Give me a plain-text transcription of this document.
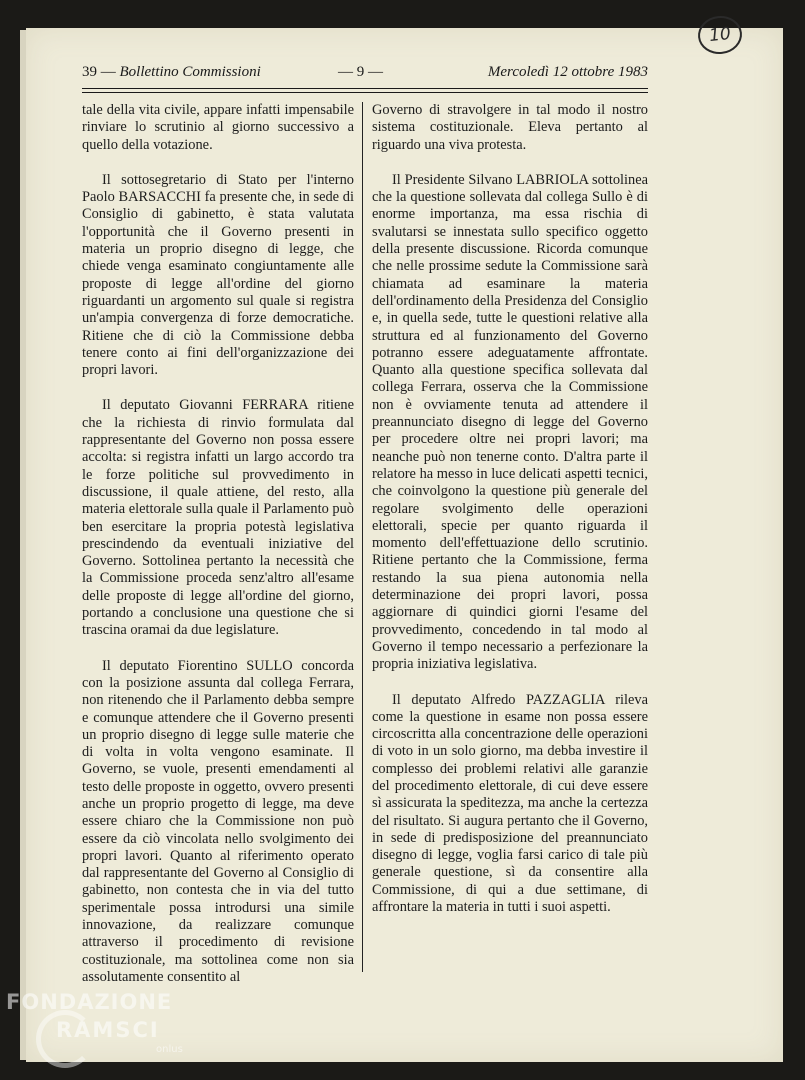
10
39 — Bollettino Commissioni	— 9 —	Mercoledì 12 ottobre 1983

tale della vita civile, appare infatti impensabile rinviare lo scrutinio al giorno successivo a quello della votazione.

Il sottosegretario di Stato per l'interno Paolo BARSACCHI fa presente che, in sede di Consiglio di gabinetto, è stata valutata l'opportunità che il Governo presenti in materia un proprio disegno di legge, che chiede venga esaminato congiuntamente alle proposte di legge all'ordine del giorno riguardanti un argomento sul quale si registra un'ampia convergenza di forze democratiche. Ritiene che di ciò la Commissione debba tenere conto ai fini dell'organizzazione dei propri lavori.

Il deputato Giovanni FERRARA ritiene che la richiesta di rinvio formulata dal rappresentante del Governo non possa essere accolta: si registra infatti un largo accordo tra le forze politiche sul provvedimento in discussione, il quale attiene, del resto, alla materia elettorale sulla quale il Parlamento può ben esercitare la propria potestà legislativa prescindendo da eventuali iniziative del Governo. Sottolinea pertanto la necessità che la Commissione proceda senz'altro all'esame delle proposte di legge all'ordine del giorno, portando a conclusione una questione che si trascina oramai da due legislature.

Il deputato Fiorentino SULLO concorda con la posizione assunta dal collega Ferrara, non ritenendo che il Parlamento debba sempre e comunque attendere che il Governo presenti un proprio disegno di legge sulle materie che di volta in volta vengono esaminate. Il Governo, se vuole, presenti emendamenti al testo delle proposte in oggetto, ovvero presenti anche un proprio progetto di legge, ma deve essere chiaro che la Commissione non può essere da ciò vincolata nello svolgimento dei propri lavori. Quanto al riferimento operato dal rappresentante del Governo al Consiglio di gabinetto, non contesta che in via del tutto sperimentale possa introdursi una simile innovazione, da realizzare comunque attraverso il procedimento di revisione costituzionale, ma sottolinea come non sia assolutamente consentito al

Governo di stravolgere in tal modo il nostro sistema costituzionale. Eleva pertanto al riguardo una viva protesta.

Il Presidente Silvano LABRIOLA sottolinea che la questione sollevata dal collega Sullo è di enorme importanza, ma essa rischia di svalutarsi se innestata sullo specifico oggetto della presente discussione. Ricorda comunque che nelle prossime sedute la Commissione sarà chiamata ad esaminare la materia dell'ordinamento della Presidenza del Consiglio e, in quella sede, tutte le questioni relative alla struttura ed al funzionamento del Governo potranno essere adeguatamente affrontate. Quanto alla questione specifica sollevata dal collega Ferrara, osserva che la Commissione non è ovviamente tenuta ad attendere il preannunciato disegno di legge del Governo per procedere oltre nei propri lavori; ma neanche può non tenerne conto. D'altra parte il relatore ha messo in luce delicati aspetti tecnici, che coinvolgono la questione più generale del regolare svolgimento delle operazioni elettorali, specie per quanto riguarda il momento dell'effettuazione dello scrutinio. Ritiene pertanto che la Commissione, ferma restando la sua piena autonomia nella determinazione dei propri lavori, possa aggiornare di quindici giorni l'esame del provvedimento, concedendo in tal modo al Governo il tempo necessario a perfezionare la propria iniziativa legislativa.

Il deputato Alfredo PAZZAGLIA rileva come la questione in esame non possa essere circoscritta alla concentrazione delle operazioni di voto in un solo giorno, ma debba investire il complesso dei problemi relativi alle garanzie del procedimento elettorale, di cui deve essere sì assicurata la speditezza, ma anche la certezza del risultato. Si augura pertanto che il Governo, in sede di predisposizione del preannunciato disegno di legge, voglia farsi carico di tale più generale questione, sì da consentire alla Commissione, di qui a due settimane, di affrontare la materia in tutti i suoi aspetti.

FONDAZIONE
RAMSCI
onlus
